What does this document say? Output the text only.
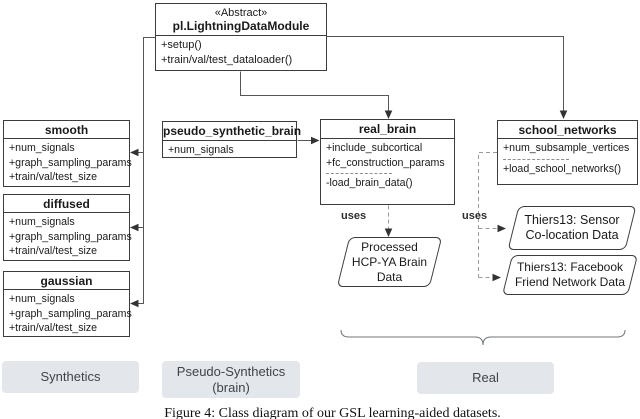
«Abstract»
pl.LightningDataModule
+setup()
+train/val/test_dataloader()
smooth
+num_signals
+graph_sampling_params
+train/val/test_size
diffused
+num_signals
+graph_sampling_params
+train/val/test_size
gaussian
+num_signals
+graph_sampling_params
+train/val/test_size
pseudo_synthetic_brain
+num_signals
real_brain
+include_subcortical
+fc_construction_params
-load_brain_data()
school_networks
+num_subsample_vertices
+load_school_networks()
uses	uses
Processed
HCP-YA Brain
Data
Thiers13: Sensor
Co-location Data
Thiers13: Facebook
Friend Network Data
Synthetics	Pseudo-Synthetics
(brain)
Real
Figure 4: Class diagram of our GSL learning-aided datasets.
